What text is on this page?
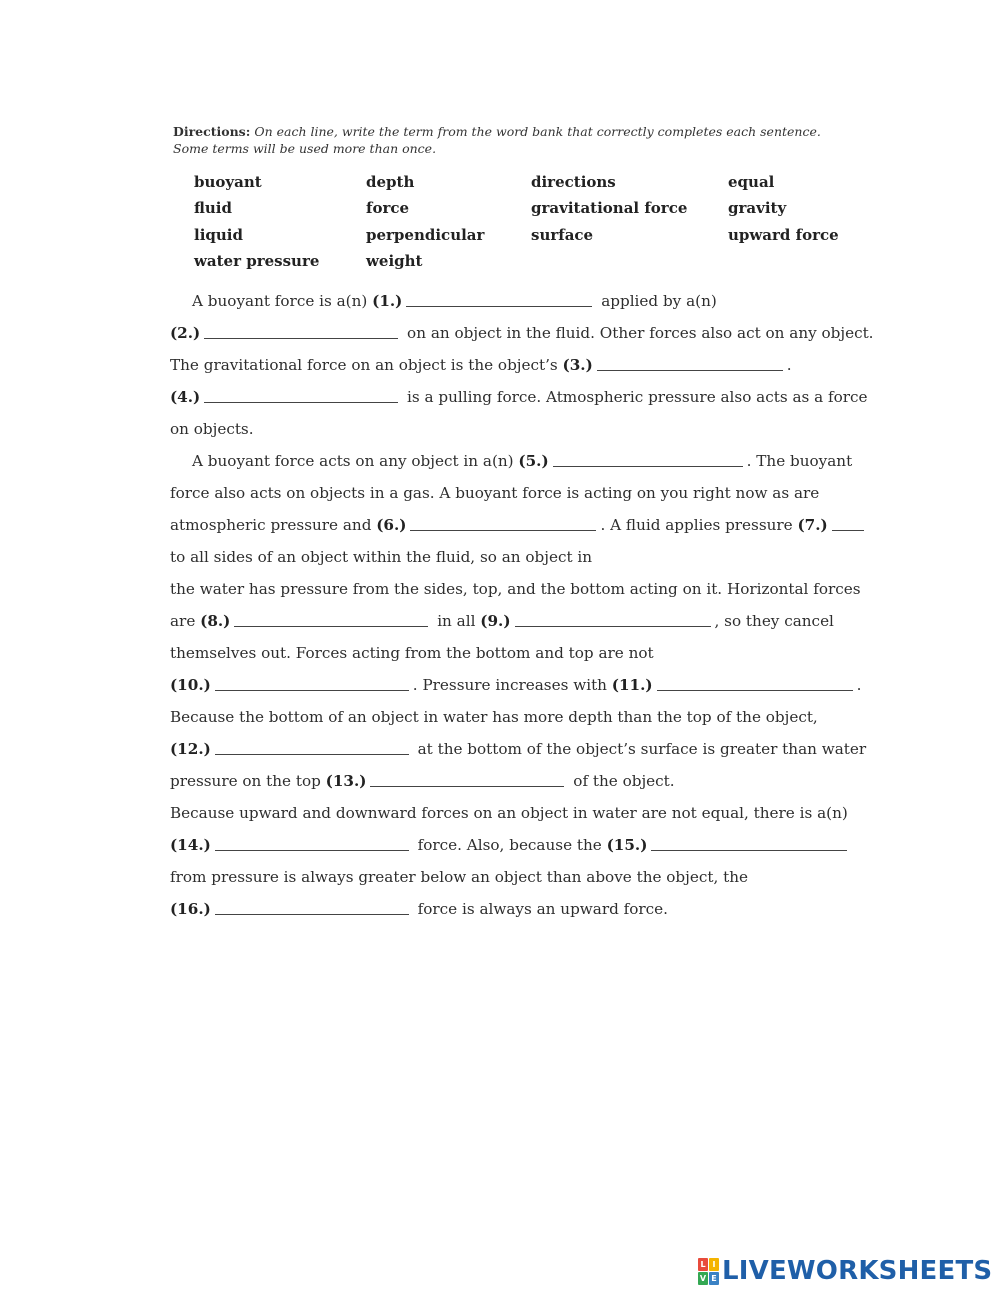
Directions: On each line, write the term from the word bank that correctly completes each sentence. Some terms will be used more than once.
buoyant	depth	directions	equal
fluid	force	gravitational force	gravity
liquid	perpendicular	surface	upward force
water pressure	weight
A buoyant force is a(n) (1.)	applied by a(n)
(2.)	on an object in the fluid. Other forces also act on any object.
The gravitational force on an object is the object’s (3.)	.
(4.)	is a pulling force. Atmospheric pressure also acts as a force
on objects.
A buoyant force acts on any object in a(n) (5.)	. The buoyant
force also acts on objects in a gas. A buoyant force is acting on you right now as are
atmospheric pressure and (6.)	. A fluid applies pressure (7.)
to all sides of an object within the fluid, so an object in
the water has pressure from the sides, top, and the bottom acting on it. Horizontal forces
are (8.)	in all (9.)	, so they cancel
themselves out. Forces acting from the bottom and top are not
(10.)	. Pressure increases with (11.)	.
Because the bottom of an object in water has more depth than the top of the object,
(12.)	at the bottom of the object’s surface is greater than water
pressure on the top (13.)	of the object.
Because upward and downward forces on an object in water are not equal, there is a(n)
(14.)	force. Also, because the (15.)
from pressure is always greater below an object than above the object, the
(16.)	force is always an upward force.
L I
V E LIVEWORKSHEETS
